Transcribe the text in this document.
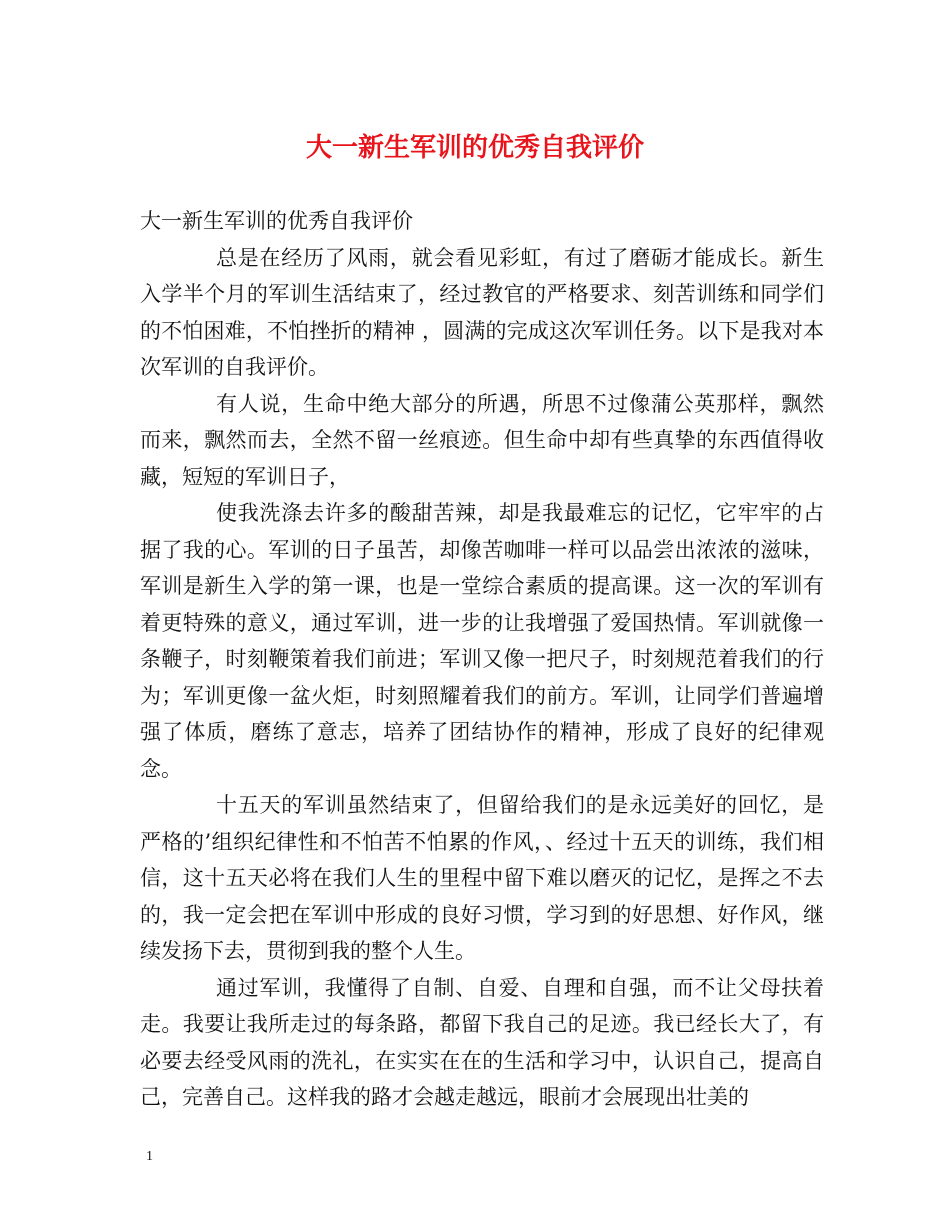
大一新生军训的优秀自我评价

大一新生军训的优秀自我评价

总是在经历了风雨，就会看见彩虹，有过了磨砺才能成长。新生入学半个月的军训生活结束了，经过教官的严格要求、刻苦训练和同学们的不怕困难，不怕挫折的精神 ，圆满的完成这次军训任务。以下是我对本次军训的自我评价。

有人说，生命中绝大部分的所遇，所思不过像蒲公英那样，飘然而来，飘然而去，全然不留一丝痕迹。但生命中却有些真挚的东西值得收藏，短短的军训日子，

使我洗涤去许多的酸甜苦辣，却是我最难忘的记忆，它牢牢的占据了我的心。军训的日子虽苦，却像苦咖啡一样可以品尝出浓浓的滋味，军训是新生入学的第一课，也是一堂综合素质的提高课。这一次的军训有着更特殊的意义，通过军训，进一步的让我增强了爱国热情。军训就像一条鞭子，时刻鞭策着我们前进；军训又像一把尺子，时刻规范着我们的行为；军训更像一盆火炬，时刻照耀着我们的前方。军训，让同学们普遍增强了体质，磨练了意志，培养了团结协作的精神，形成了良好的纪律观念。

十五天的军训虽然结束了，但留给我们的是永远美好的回忆，是严格的’组织纪律性和不怕苦不怕累的作风，、经过十五天的训练，我们相信，这十五天必将在我们人生的里程中留下难以磨灭的记忆，是挥之不去的，我一定会把在军训中形成的良好习惯，学习到的好思想、好作风，继续发扬下去，贯彻到我的整个人生。

通过军训，我懂得了自制、自爱、自理和自强，而不让父母扶着走。我要让我所走过的每条路，都留下我自己的足迹。我已经长大了，有必要去经受风雨的洗礼，在实实在在的生活和学习中，认识自己，提高自己，完善自己。这样我的路才会越走越远，眼前才会展现出壮美的

1
